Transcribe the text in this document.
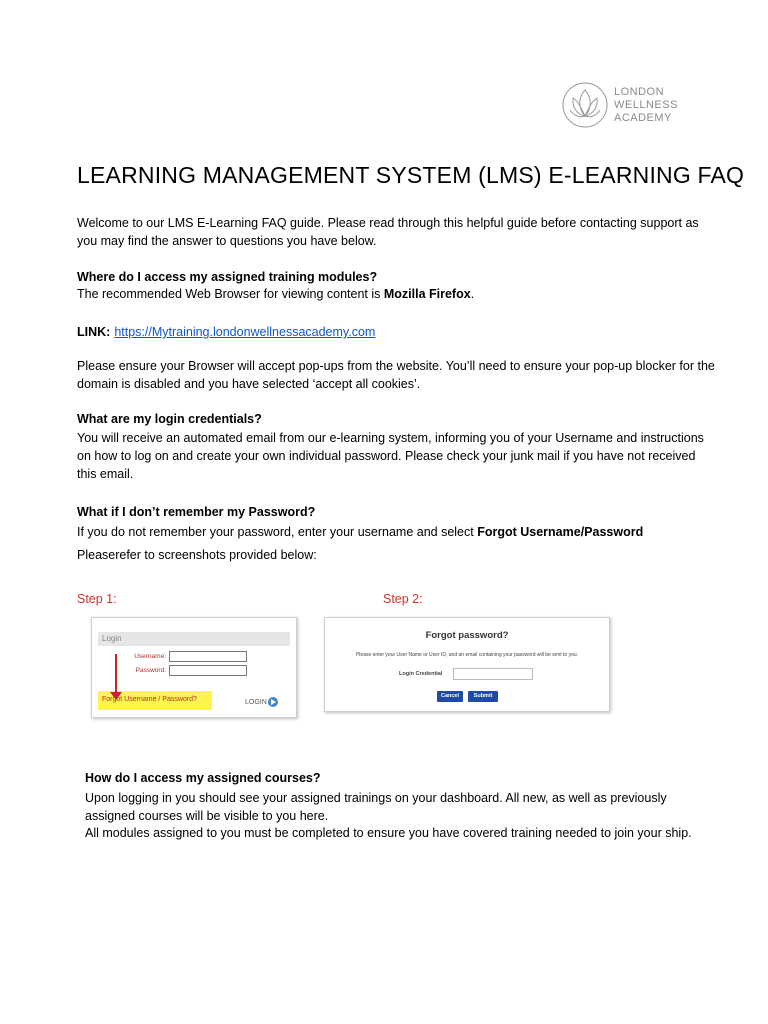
LONDON
WELLNESS
ACADEMY
LEARNING MANAGEMENT SYSTEM (LMS) E-LEARNING FAQ

Welcome to our LMS E-Learning FAQ guide. Please read through this helpful guide before contacting support as you may find the answer to questions you have below.

Where do I access my assigned training modules?

The recommended Web Browser for viewing content is Mozilla Firefox.

LINK: https://Mytraining.londonwellnessacademy.com

Please ensure your Browser will accept pop-ups from the website. You’ll need to ensure your pop-up blocker for the domain is disabled and you have selected ‘accept all cookies’.

What are my login credentials?

You will receive an automated email from our e-learning system, informing you of your Username and instructions on how to log on and create your own individual password. Please check your junk mail if you have not received this email.

What if I don’t remember my Password?

If you do not remember your password, enter your username and select Forgot Username/Password

Pleaserefer to screenshots provided below:

Step 1:	Step 2:
Login
Username:
Password:
Forgot Username / Password?	LOGIN
Forgot password?
Please enter your User Name or User ID, and an email containing your password will be sent to you.
Login Credential
Cancel	Submit

How do I access my assigned courses?

Upon logging in you should see your assigned trainings on your dashboard. All new, as well as previously assigned courses will be visible to you here.

All modules assigned to you must be completed to ensure you have covered training needed to join your ship.
